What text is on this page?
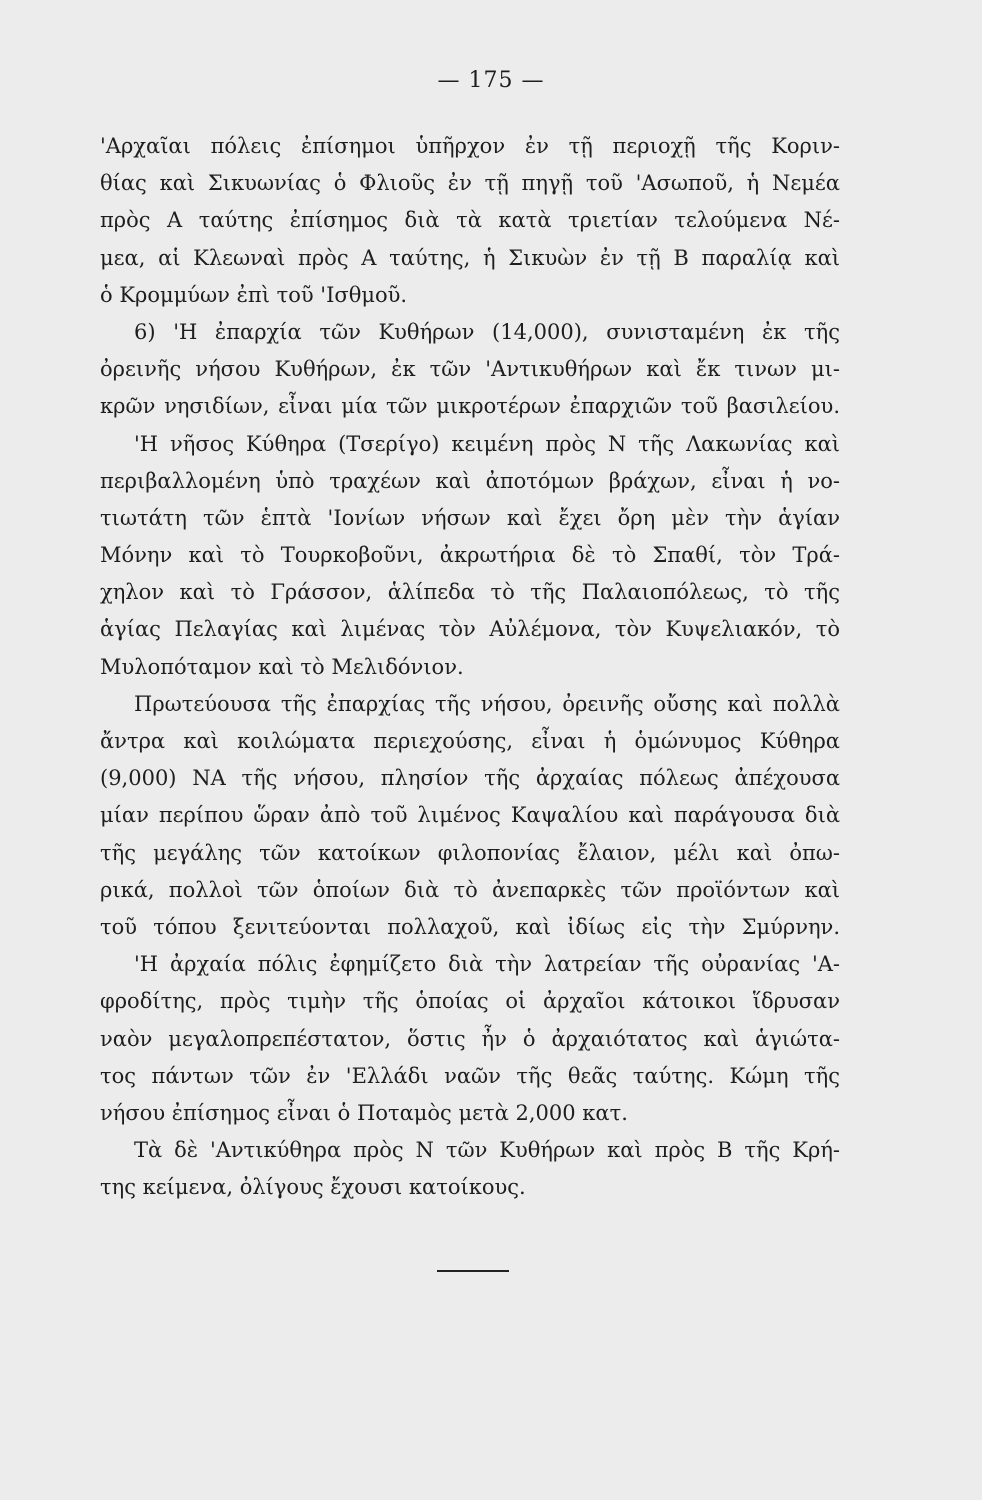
— 175 —
'Αρχαῖαι πόλεις ἐπίσημοι ὑπῆρχον ἐν τῇ περιοχῇ τῆς Κοριν-
θίας καὶ Σικυωνίας ὁ Φλιοῦς ἐν τῇ πηγῇ τοῦ 'Ασωποῦ, ἡ Νεμέα
πρὸς Α ταύτης ἐπίσημος διὰ τὰ κατὰ τριετίαν τελούμενα Νέ-
μεα, αἱ Κλεωναὶ πρὸς Α ταύτης, ἡ Σικυὼν ἐν τῇ Β παραλίᾳ καὶ
ὁ Κρομμύων ἐπὶ τοῦ 'Ισθμοῦ.
6) 'Η ἐπαρχία τῶν Κυθήρων (14,000), συνισταμένη ἐκ τῆς
ὀρεινῆς νήσου Κυθήρων, ἐκ τῶν 'Αντικυθήρων καὶ ἔκ τινων μι-
κρῶν νησιδίων, εἶναι μία τῶν μικροτέρων ἐπαρχιῶν τοῦ βασιλείου.
'Η νῆσος Κύθηρα (Τσερίγο) κειμένη πρὸς Ν τῆς Λακωνίας καὶ
περιβαλλομένη ὑπὸ τραχέων καὶ ἀποτόμων βράχων, εἶναι ἡ νο-
τιωτάτη τῶν ἑπτὰ 'Ιονίων νήσων καὶ ἔχει ὄρη μὲν τὴν ἁγίαν
Μόνην καὶ τὸ Τουρκοβοῦνι, ἀκρωτήρια δὲ τὸ Σπαθί, τὸν Τρά-
χηλον καὶ τὸ Γράσσον, ἁλίπεδα τὸ τῆς Παλαιοπόλεως, τὸ τῆς
ἁγίας Πελαγίας καὶ λιμένας τὸν Αὐλέμονα, τὸν Κυψελιακόν, τὸ
Μυλοπόταμον καὶ τὸ Μελιδόνιον.
Πρωτεύουσα τῆς ἐπαρχίας τῆς νήσου, ὀρεινῆς οὔσης καὶ πολλὰ
ἄντρα καὶ κοιλώματα περιεχούσης, εἶναι ἡ ὁμώνυμος Κύθηρα
(9,000) ΝΑ τῆς νήσου, πλησίον τῆς ἀρχαίας πόλεως ἀπέχουσα
μίαν περίπου ὥραν ἀπὸ τοῦ λιμένος Καψαλίου καὶ παράγουσα διὰ
τῆς μεγάλης τῶν κατοίκων φιλοπονίας ἔλαιον, μέλι καὶ ὀπω-
ρικά, πολλοὶ τῶν ὁποίων διὰ τὸ ἀνεπαρκὲς τῶν προϊόντων καὶ
τοῦ τόπου ξενιτεύονται πολλαχοῦ, καὶ ἰδίως εἰς τὴν Σμύρνην.
'Η ἀρχαία πόλις ἐφημίζετο διὰ τὴν λατρείαν τῆς οὐρανίας 'Α-
φροδίτης, πρὸς τιμὴν τῆς ὁποίας οἱ ἀρχαῖοι κάτοικοι ἵδρυσαν
ναὸν μεγαλοπρεπέστατον, ὅστις ἦν ὁ ἀρχαιότατος καὶ ἁγιώτα-
τος πάντων τῶν ἐν 'Ελλάδι ναῶν τῆς θεᾶς ταύτης. Κώμη τῆς
νήσου ἐπίσημος εἶναι ὁ Ποταμὸς μετὰ 2,000 κατ.
Τὰ δὲ 'Αντικύθηρα πρὸς Ν τῶν Κυθήρων καὶ πρὸς Β τῆς Κρή-
της κείμενα, ὀλίγους ἔχουσι κατοίκους.
